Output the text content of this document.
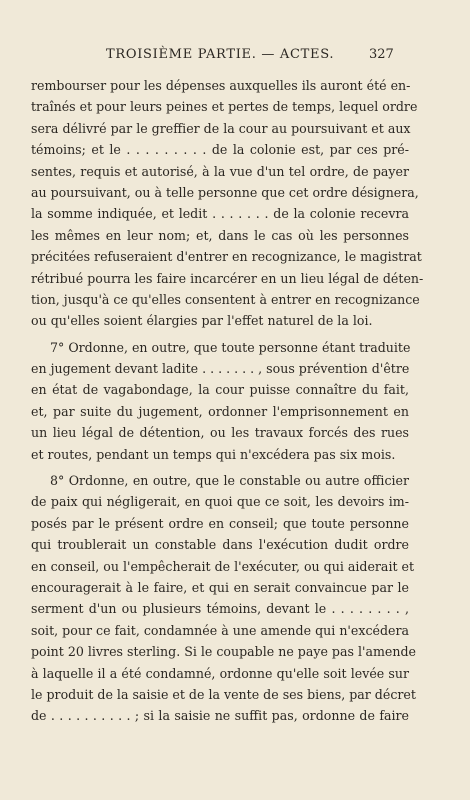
TROISIÈME PARTIE. — ACTES.	327
rembourser pour les dépenses auxquelles ils auront été en-
traînés et pour leurs peines et pertes de temps, lequel ordre
sera délivré par le greffier de la cour au poursuivant et aux
témoins; et le . . . . . . . . . de la colonie est, par ces pré-
sentes, requis et autorisé, à la vue d'un tel ordre, de payer
au poursuivant, ou à telle personne que cet ordre désignera,
la somme indiquée, et ledit . . . . . . . de la colonie recevra
les mêmes en leur nom; et, dans le cas où les personnes
précitées refuseraient d'entrer en recognizance, le magistrat
rétribué pourra les faire incarcérer en un lieu légal de déten-
tion, jusqu'à ce qu'elles consentent à entrer en recognizance
ou qu'elles soient élargies par l'effet naturel de la loi.
7° Ordonne, en outre, que toute personne étant traduite
en jugement devant ladite . . . . . . . , sous prévention d'être
en état de vagabondage, la cour puisse connaître du fait,
et, par suite du jugement, ordonner l'emprisonnement en
un lieu légal de détention, ou les travaux forcés des rues
et routes, pendant un temps qui n'excédera pas six mois.
8° Ordonne, en outre, que le constable ou autre officier
de paix qui négligerait, en quoi que ce soit, les devoirs im-
posés par le présent ordre en conseil; que toute personne
qui troublerait un constable dans l'exécution dudit ordre
en conseil, ou l'empêcherait de l'exécuter, ou qui aiderait et
encouragerait à le faire, et qui en serait convaincue par le
serment d'un ou plusieurs témoins, devant le . . . . . . . . ,
soit, pour ce fait, condamnée à une amende qui n'excédera
point 20 livres sterling. Si le coupable ne paye pas l'amende
à laquelle il a été condamné, ordonne qu'elle soit levée sur
le produit de la saisie et de la vente de ses biens, par décret
de . . . . . . . . . . ; si la saisie ne suffit pas, ordonne de faire
